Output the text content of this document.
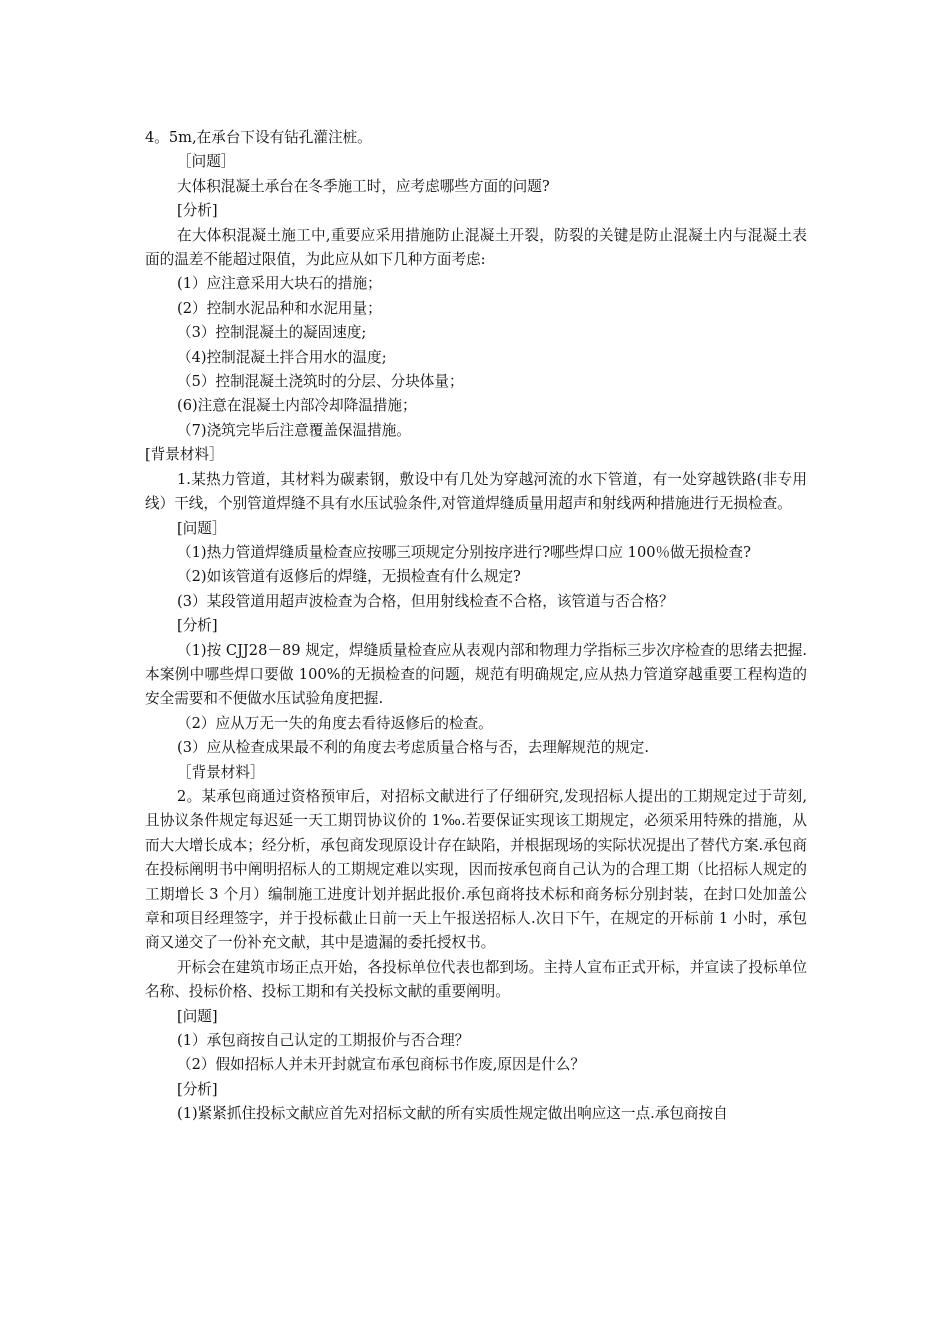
4。5m,在承台下设有钻孔灌注桩。

［问题］

大体积混凝土承台在冬季施工时，应考虑哪些方面的问题?

[分析]

在大体积混凝土施工中,重要应采用措施防止混凝土开裂，防裂的关键是防止混凝土内与混凝土表面的温差不能超过限值，为此应从如下几种方面考虑:

(1）应注意采用大块石的措施；

(2）控制水泥品种和水泥用量；

（3）控制混凝土的凝固速度;

（4)控制混凝土拌合用水的温度;

（5）控制混凝土浇筑时的分层、分块体量；

(6)注意在混凝土内部冷却降温措施；

（7)浇筑完毕后注意覆盖保温措施。

[背景材料］

1.某热力管道，其材料为碳素钢，敷设中有几处为穿越河流的水下管道，有一处穿越铁路(非专用线）干线，个别管道焊缝不具有水压试验条件,对管道焊缝质量用超声和射线两种措施进行无损检查。

[问题］

（1)热力管道焊缝质量检查应按哪三项规定分别按序进行?哪些焊口应 100％做无损检查?

（2)如该管道有返修后的焊缝，无损检查有什么规定?

(3）某段管道用超声波检查为合格，但用射线检查不合格，该管道与否合格？

[分析]

（1)按 CJJ28－89 规定，焊缝质量检查应从表观内部和物理力学指标三步次序检查的思绪去把握.本案例中哪些焊口要做 100%的无损检查的问题，规范有明确规定,应从热力管道穿越重要工程构造的安全需要和不便做水压试验角度把握.

（2）应从万无一失的角度去看待返修后的检查。

(3）应从检查成果最不利的角度去考虑质量合格与否，去理解规范的规定.

［背景材料］

2。某承包商通过资格预审后，对招标文献进行了仔细研究,发现招标人提出的工期规定过于苛刻,且协议条件规定每迟延一天工期罚协议价的 1‰.若要保证实现该工期规定，必须采用特殊的措施，从而大大增长成本；经分析，承包商发现原设计存在缺陷，并根据现场的实际状况提出了替代方案.承包商在投标阐明书中阐明招标人的工期规定难以实现，因而按承包商自己认为的合理工期（比招标人规定的工期增长 3 个月）编制施工进度计划并据此报价.承包商将技术标和商务标分别封装，在封口处加盖公章和项目经理签字，并于投标截止日前一天上午报送招标人.次日下午，在规定的开标前 1 小时，承包商又递交了一份补充文献，其中是遗漏的委托授权书。

开标会在建筑市场正点开始，各投标单位代表也都到场。主持人宣布正式开标，并宣读了投标单位名称、投标价格、投标工期和有关投标文献的重要阐明。

[问题]

(1）承包商按自己认定的工期报价与否合理？

（2）假如招标人并未开封就宣布承包商标书作废,原因是什么？

[分析]

(1)紧紧抓住投标文献应首先对招标文献的所有实质性规定做出响应这一点.承包商按自
